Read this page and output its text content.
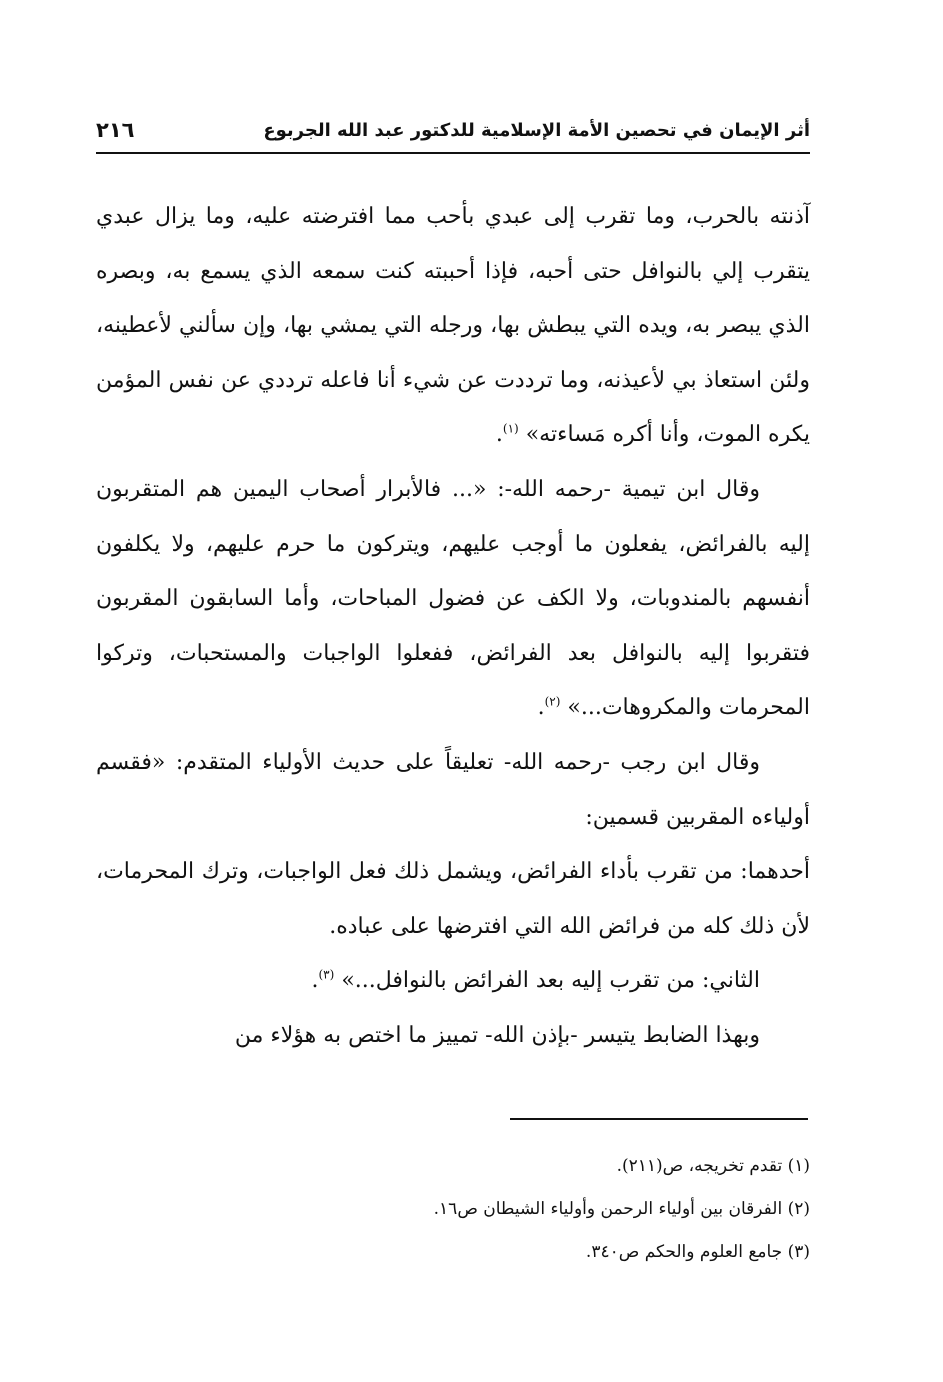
أثر الإيمان في تحصين الأمة الإسلامية للدكتور عبد الله الجربوع
٢١٦

آذنته بالحرب، وما تقرب إلى عبدي بأحب مما افترضته عليه، وما يزال عبدي يتقرب إلي بالنوافل حتى أحبه، فإذا أحببته كنت سمعه الذي يسمع به، وبصره الذي يبصر به، ويده التي يبطش بها، ورجله التي يمشي بها، وإن سألني لأعطينه، ولئن استعاذ بي لأعيذنه، وما ترددت عن شيء أنا فاعله ترددي عن نفس المؤمن يكره الموت، وأنا أكره مَساءته» $^{(١)}$.

وقال ابن تيمية -رحمه الله-: «... فالأبرار أصحاب اليمين هم المتقربون إليه بالفرائض، يفعلون ما أوجب عليهم، ويتركون ما حرم عليهم، ولا يكلفون أنفسهم بالمندوبات، ولا الكف عن فضول المباحات، وأما السابقون المقربون فتقربوا إليه بالنوافل بعد الفرائض، ففعلوا الواجبات والمستحبات، وتركوا المحرمات والمكروهات...» $^{(٢)}$.

وقال ابن رجب -رحمه الله- تعليقاً على حديث الأولياء المتقدم: «فقسم أولياءه المقربين قسمين:

أحدهما: من تقرب بأداء الفرائض، ويشمل ذلك فعل الواجبات، وترك المحرمات، لأن ذلك كله من فرائض الله التي افترضها على عباده.

الثاني: من تقرب إليه بعد الفرائض بالنوافل...» $^{(٣)}$.

وبهذا الضابط يتيسر -بإذن الله- تمييز ما اختص به هؤلاء من

(١) تقدم تخريجه، ص(٢١١).
(٢) الفرقان بين أولياء الرحمن وأولياء الشيطان ص١٦.
(٣) جامع العلوم والحكم ص٣٤٠.
